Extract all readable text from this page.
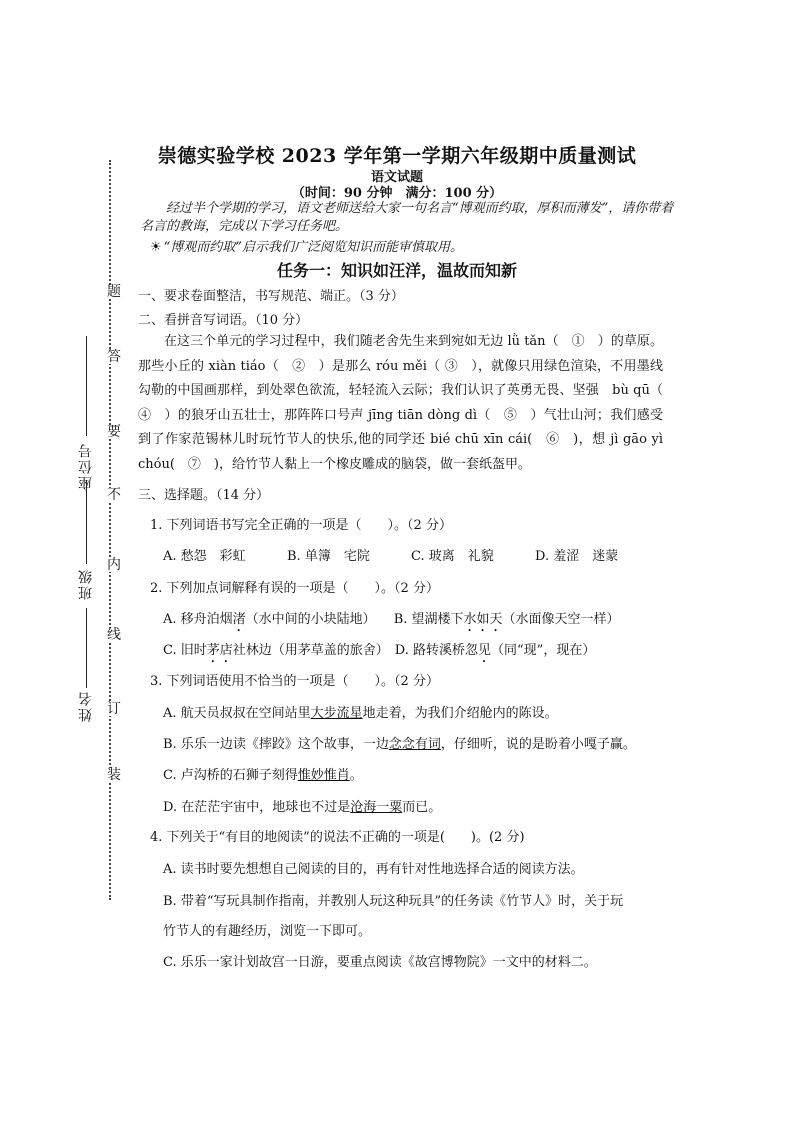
题
答
要
不
内
线
订
装
座位号
班级
姓名
崇德实验学校 2023 学年第一学期六年级期中质量测试
语文试题
（时间：90 分钟　满分：100 分）

经过半个学期的学习，语文老师送给大家一句名言“博观而约取，厚积而薄发”，请你带着名言的教诲，完成以下学习任务吧。

☀ “博观而约取”启示我们广泛阅览知识而能审慎取用。
任务一：知识如汪洋，温故而知新
一、要求卷面整洁，书写规范、端正。（3 分）
二、看拼音写词语。（10 分）

在这三个单元的学习过程中，我们随老舍先生来到宛如无边 lǜ tǎn（　①　）的草原。那些小丘的 xiàn tiáo（　②　）是那么 róu měi（ ③　），就像只用绿色渲染，不用墨线勾勒的中国画那样，到处翠色欲流，轻轻流入云际；我们认识了英勇无畏、坚强　bù qū（　④　）的狼牙山五壮士，那阵阵口号声 jīng tiān dòng dì（　⑤　）气壮山河；我们感受到了作家范锡林儿时玩竹节人的快乐,他的同学还 bié chū xīn cái(　⑥　)，想 jì gāo yì chóu(　⑦　)，给竹节人黏上一个橡皮雕成的脑袋，做一套纸盔甲。

三、选择题。（14 分）
1. 下列词语书写完全正确的一项是（　　）。（2 分）
A. 愁怨　彩虹	B. 单簿　宅院	C. 玻离　礼貌	D. 羞涩　迷蒙
2. 下列加点词解释有误的一项是（　　）。（2 分）
A. 移舟泊烟渚（水中间的小块陆地） B. 望湖楼下水如天（水面像天空一样）
C. 旧时茅店社林边（用茅草盖的旅舍） D. 路转溪桥忽见（同“现”，现在）
3. 下列词语使用不恰当的一项是（　　）。（2 分）
A. 航天员叔叔在空间站里大步流星地走着，为我们介绍舱内的陈设。
B. 乐乐一边读《摔跤》这个故事，一边念念有词，仔细听，说的是盼着小嘎子赢。
C. 卢沟桥的石狮子刻得惟妙惟肖。
D. 在茫茫宇宙中，地球也不过是沧海一粟而已。
4. 下列关于“有目的地阅读”的说法不正确的一项是(　　)。(2 分)
A. 读书时要先想想自己阅读的目的，再有针对性地选择合适的阅读方法。
B. 带着“写玩具制作指南，并教别人玩这种玩具”的任务读《竹节人》时，关于玩
竹节人的有趣经历，浏览一下即可。
C. 乐乐一家计划故宫一日游，要重点阅读《故宫博物院》一文中的材料二。
